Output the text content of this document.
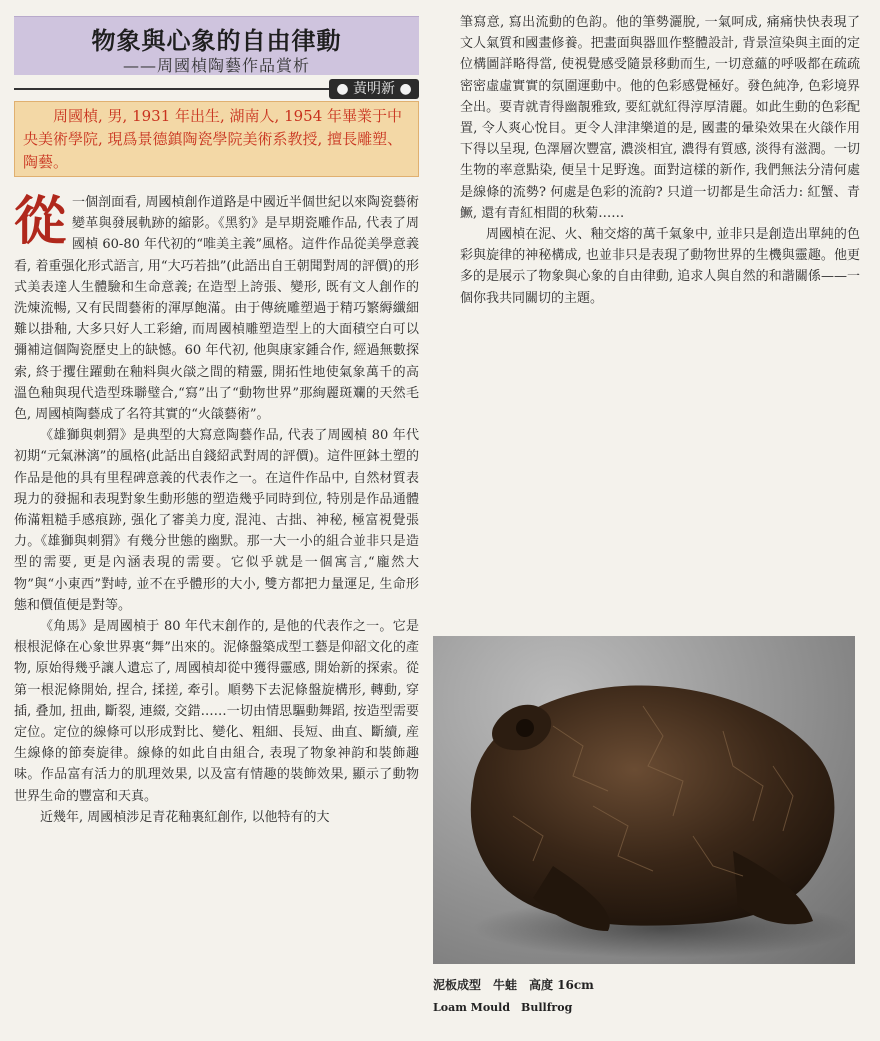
物象與心象的自由律動
——周國楨陶藝作品賞析
● 黃明新 ●
周國楨, 男, 1931 年出生, 湖南人, 1954 年畢業于中央美術學院, 現爲景德鎮陶瓷學院美術系教授, 擅長雕塑、陶藝。

從一個剖面看, 周國楨創作道路是中國近半個世紀以來陶瓷藝術變革與發展軌跡的縮影。《黑豹》是早期瓷雕作品, 代表了周國楨 60-80 年代初的“唯美主義”風格。這件作品從美學意義看, 着重强化形式語言, 用“大巧若拙”(此語出自王朝聞對周的評價)的形式美表達人生體驗和生命意義; 在造型上誇張、變形, 既有文人創作的洗煉流暢, 又有民間藝術的渾厚飽滿。由于傳統雕塑過于精巧繁縟纖細難以掛釉, 大多只好人工彩繪, 而周國楨雕塑造型上的大面積空白可以彌補這個陶瓷歷史上的缺憾。60 年代初, 他與康家鍾合作, 經過無數探索, 終于攫住躍動在釉料與火燄之間的精靈, 開拓性地使氣象萬千的高溫色釉與現代造型珠聯璧合,“寫”出了“動物世界”那絢麗斑斕的天然毛色, 周國楨陶藝成了名符其實的“火燄藝術”。

《雄獅與刺猬》是典型的大寫意陶藝作品, 代表了周國楨 80 年代初期“元氣淋漓”的風格(此話出自錢紹武對周的評價)。這件匣鉢土塑的作品是他的具有里程碑意義的代表作之一。在這件作品中, 自然材質表現力的發掘和表現對象生動形態的塑造幾乎同時到位, 特別是作品通體佈滿粗糙手感痕跡, 强化了審美力度, 混沌、古拙、神秘, 極富視覺張力。《雄獅與刺猬》有幾分世態的幽默。那一大一小的組合並非只是造型的需要, 更是內涵表現的需要。它似乎就是一個寓言,“龐然大物”與“小東西”對峙, 並不在乎體形的大小, 雙方都把力量運足, 生命形態和價值便是對等。

《角馬》是周國楨于 80 年代末創作的, 是他的代表作之一。它是根根泥條在心象世界裏“舞”出來的。泥條盤築成型工藝是仰韶文化的產物, 原始得幾乎讓人遺忘了, 周國楨却從中獲得靈感, 開始新的探索。從第一根泥條開始, 捏合, 揉搓, 牽引。順勢下去泥條盤旋構形, 轉動, 穿插, 叠加, 扭曲, 斷裂, 連綴, 交錯……一切由情思驅動舞蹈, 按造型需要定位。定位的線條可以形成對比、變化、粗細、長短、曲直、斷續, 産生線條的節奏旋律。線條的如此自由組合, 表現了物象神韵和裝飾趣味。作品富有活力的肌理效果, 以及富有情趣的裝飾效果, 顯示了動物世界生命的豐富和天真。

近幾年, 周國楨涉足青花釉裏紅創作, 以他特有的大

筆寫意, 寫出流動的色韵。他的筆勢灑脫, 一氣呵成, 痛痛快快表現了文人氣質和國畫修養。把畫面與器皿作整體設計, 背景渲染與主面的定位構圖詳略得當, 使視覺感受隨景移動而生, 一切意蘊的呼吸都在疏疏密密虛虛實實的氛圍運動中。他的色彩感覺極好。發色純净, 色彩境界全出。要青就青得幽靚雅致, 要紅就紅得淳厚清麗。如此生動的色彩配置, 令人爽心悅目。更令人津津樂道的是, 國畫的暈染效果在火燄作用下得以呈現, 色澤層次豐富, 濃淡相宜, 濃得有質感, 淡得有滋潤。一切生物的率意點染, 便呈十足野逸。面對這樣的新作, 我們無法分清何處是線條的流勢? 何處是色彩的流韵? 只道一切都是生命活力: 紅蟹、青鱖, 還有青紅相間的秋菊……

周國楨在泥、火、釉交熔的萬千氣象中, 並非只是創造出單純的色彩與旋律的神秘構成, 也並非只是表現了動物世界的生機與靈趣。他更多的是展示了物象與心象的自由律動, 追求人與自然的和諧關係——一個你我共同關切的主題。

泥板成型　牛蛙　高度 16cm
Loam Mould　Bullfrog
